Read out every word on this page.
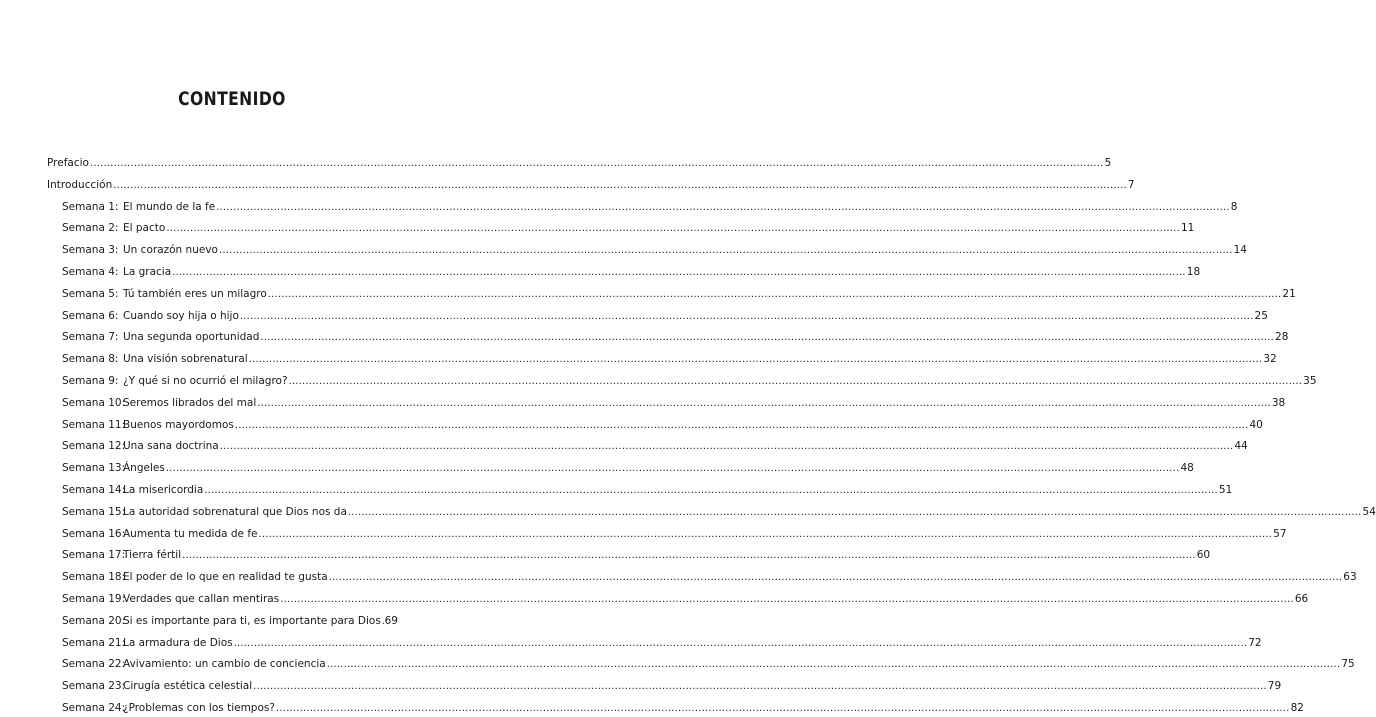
CONTENIDO
Prefacio ............................................................................................................................................................................................................................................................................................................ 5
Introducción ............................................................................................................................................................................................................................................................................................................ 7
Semana 1: El mundo de la fe ............................................................................................................................................................................................................................................................................................................ 8
Semana 2: El pacto ............................................................................................................................................................................................................................................................................................................ 11
Semana 3: Un corazón nuevo ............................................................................................................................................................................................................................................................................................................ 14
Semana 4: La gracia ............................................................................................................................................................................................................................................................................................................ 18
Semana 5: Tú también eres un milagro ............................................................................................................................................................................................................................................................................................................ 21
Semana 6: Cuando soy hija o hijo ............................................................................................................................................................................................................................................................................................................ 25
Semana 7: Una segunda oportunidad ............................................................................................................................................................................................................................................................................................................ 28
Semana 8: Una visión sobrenatural ............................................................................................................................................................................................................................................................................................................ 32
Semana 9: ¿Y qué si no ocurrió el milagro? ............................................................................................................................................................................................................................................................................................................ 35
Semana 10:Seremos librados del mal ............................................................................................................................................................................................................................................................................................................ 38
Semana 11:Buenos mayordomos ............................................................................................................................................................................................................................................................................................................ 40
Semana 12:Una sana doctrina ............................................................................................................................................................................................................................................................................................................ 44
Semana 13:Ángeles ............................................................................................................................................................................................................................................................................................................ 48
Semana 14:La misericordia ............................................................................................................................................................................................................................................................................................................ 51
Semana 15:La autoridad sobrenatural que Dios nos da ............................................................................................................................................................................................................................................................................................................ 54
Semana 16:Aumenta tu medida de fe ............................................................................................................................................................................................................................................................................................................ 57
Semana 17:Tierra fértil ............................................................................................................................................................................................................................................................................................................ 60
Semana 18:El poder de lo que en realidad te gusta ............................................................................................................................................................................................................................................................................................................ 63
Semana 19:Verdades que callan mentiras ............................................................................................................................................................................................................................................................................................................ 66
Semana 20:Si es importante para ti, es importante para Dios 69
Semana 21:La armadura de Dios ............................................................................................................................................................................................................................................................................................................ 72
Semana 22:Avivamiento: un cambio de conciencia ............................................................................................................................................................................................................................................................................................................ 75
Semana 23:Cirugía estética celestial ............................................................................................................................................................................................................................................................................................................ 79
Semana 24:¿Problemas con los tiempos? ............................................................................................................................................................................................................................................................................................................ 82
